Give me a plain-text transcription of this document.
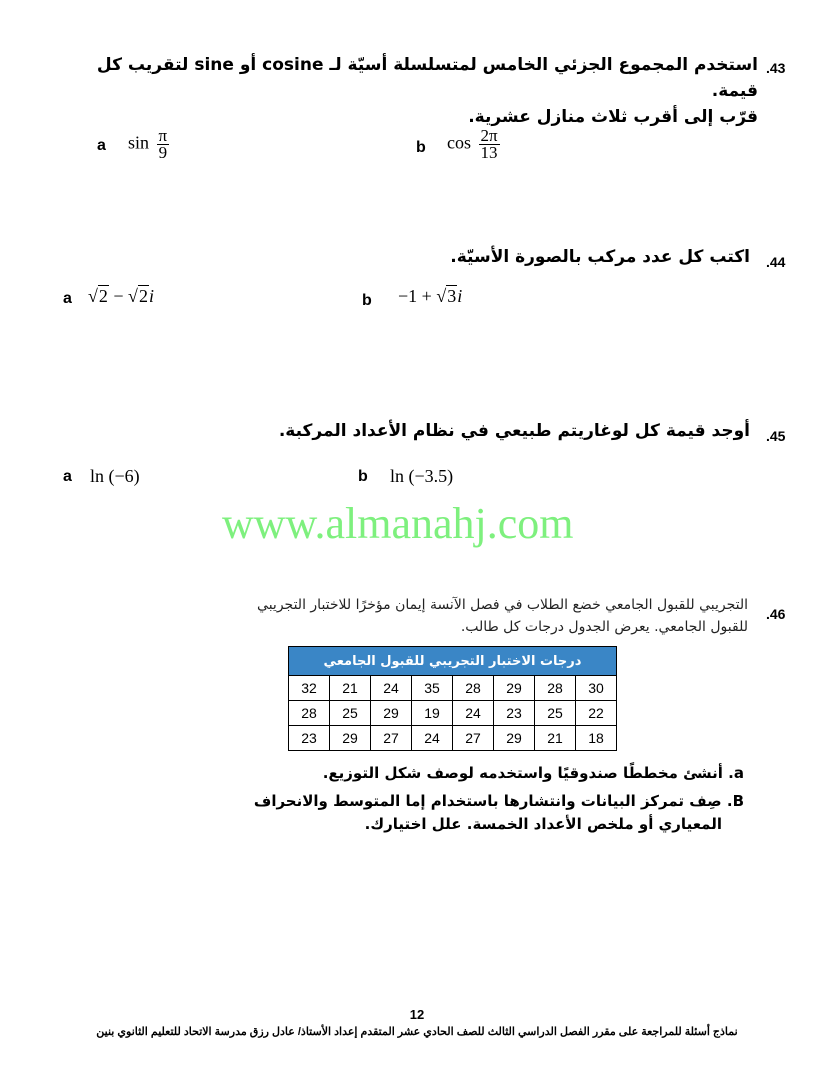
.43
استخدم المجموع الجزئي الخامس لمتسلسلة أسيّة لـ cosine أو sine لتقريب كل قيمة.
قرّب إلى أقرب ثلاث منازل عشرية.
a $\sin \frac{\pi}{9}$	b $\cos \frac{2\pi}{13}$
.44
اكتب كل عدد مركب بالصورة الأسيّة.
a √2 − √2i	b −1 + √3i
.45
أوجد قيمة كل لوغاريتم طبيعي في نظام الأعداد المركبة.
a ln (−6)	b ln (−3.5)
www.almanahj.com
.46
التجريبي للقبول الجامعي خضع الطلاب في فصل الآنسة إيمان مؤخرًا للاختبار التجريبي
للقبول الجامعي. يعرض الجدول درجات كل طالب.
درجات الاختبار التجريبي للقبول الجامعي							
32	21	24	35	28	29	28	30
28	25	29	19	24	23	25	22
23	29	27	24	27	29	21	18
a. أنشئ مخططًا صندوقيًا واستخدمه لوصف شكل التوزيع.
B. صِف تمركز البيانات وانتشارها باستخدام إما المتوسط والانحراف
المعياري أو ملخص الأعداد الخمسة. علل اختيارك.
12
نماذج أسئلة للمراجعة على مقرر الفصل الدراسي الثالث للصف الحادي عشر المتقدم إعداد الأستاذ/ عادل رزق مدرسة الاتحاد للتعليم الثانوي بنين
